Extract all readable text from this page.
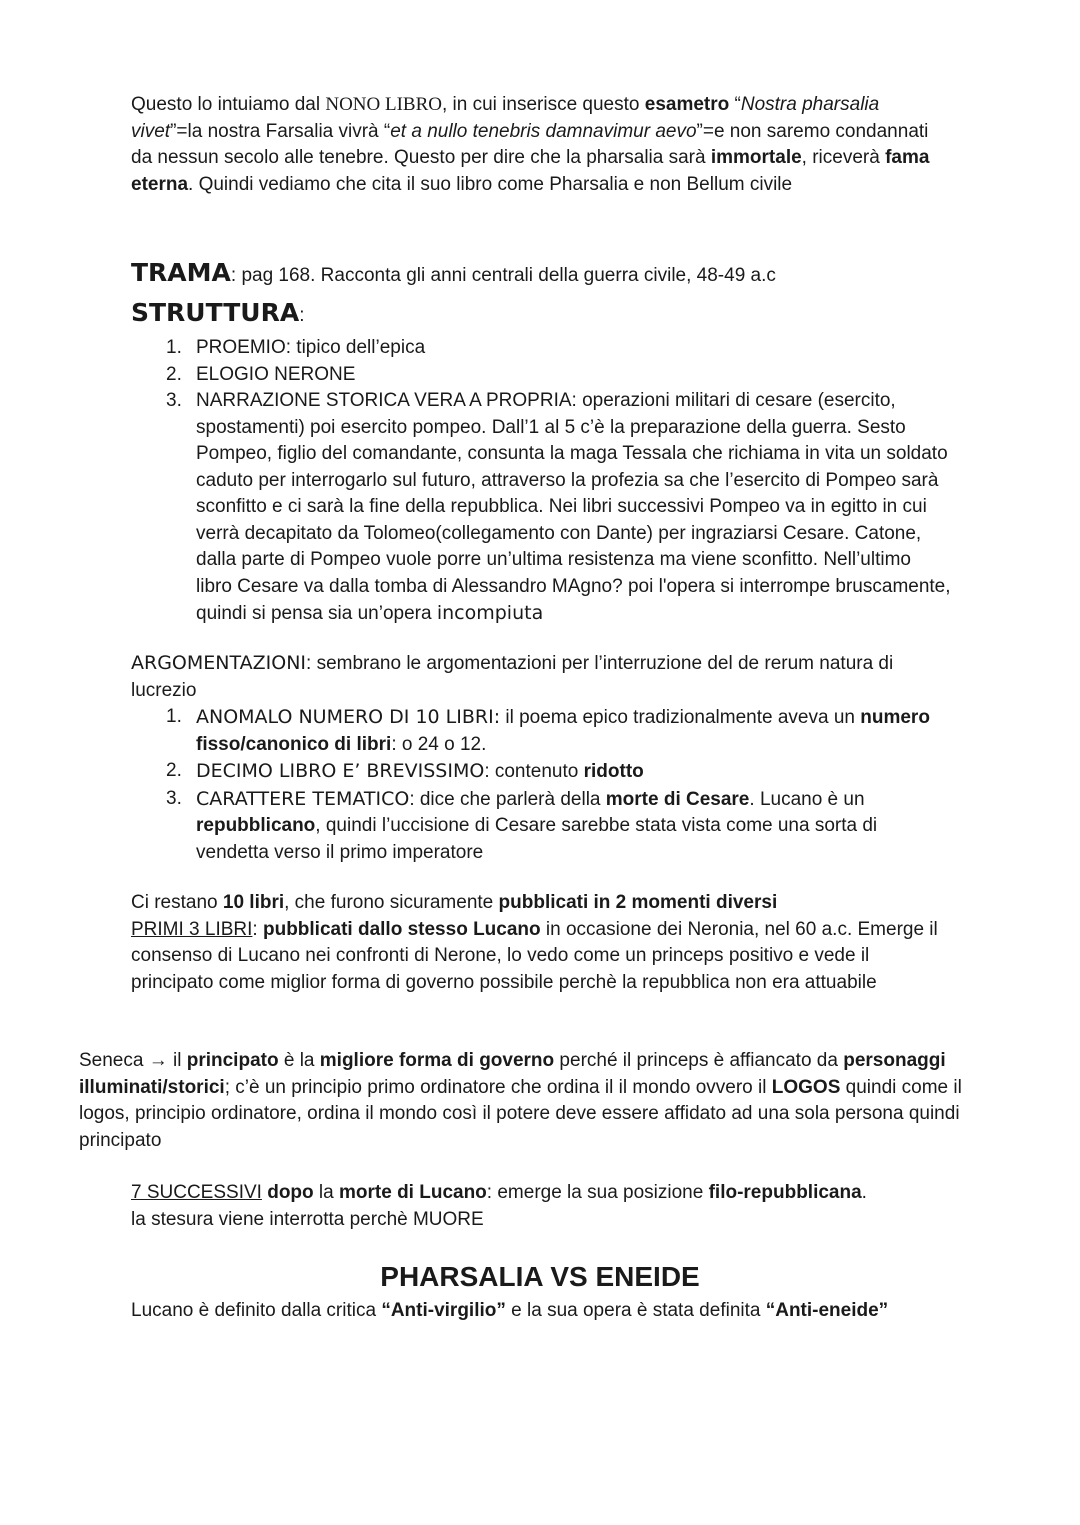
Questo lo intuiamo dal NONO LIBRO, in cui inserisce questo esametro “Nostra pharsalia vivet”=la nostra Farsalia vivrà “et a nullo tenebris damnavimur aevo”=e non saremo condannati da nessun secolo alle tenebre. Questo per dire che la pharsalia sarà immortale, riceverà fama eterna. Quindi vediamo che cita il suo libro come Pharsalia e non Bellum civile
TRAMA: pag 168. Racconta gli anni centrali della guerra civile, 48-49 a.c
STRUTTURA:
1. PROEMIO: tipico dell’epica
2. ELOGIO NERONE
3. NARRAZIONE STORICA VERA A PROPRIA: operazioni militari di cesare (esercito, spostamenti) poi esercito pompeo. Dall’1 al 5 c’è la preparazione della guerra. Sesto Pompeo, figlio del comandante, consunta la maga Tessala che richiama in vita un soldato caduto per interrogarlo sul futuro, attraverso la profezia sa che l’esercito di Pompeo sarà sconfitto e ci sarà la fine della repubblica. Nei libri successivi Pompeo va in egitto in cui verrà decapitato da Tolomeo(collegamento con Dante) per ingraziarsi Cesare. Catone, dalla parte di Pompeo vuole porre un’ultima resistenza ma viene sconfitto. Nell’ultimo libro Cesare va dalla tomba di Alessandro MAgno? poi l'opera si interrompe bruscamente, quindi si pensa sia un’opera incompiuta
ARGOMENTAZIONI: sembrano le argomentazioni per l’interruzione del de rerum natura di lucrezio
1. ANOMALO NUMERO DI 10 LIBRI: il poema epico tradizionalmente aveva un numero fisso/canonico di libri: o 24 o 12.
2. DECIMO LIBRO E’ BREVISSIMO: contenuto ridotto
3. CARATTERE TEMATICO: dice che parlerà della morte di Cesare. Lucano è un repubblicano, quindi l’uccisione di Cesare sarebbe stata vista come una sorta di vendetta verso il primo imperatore
Ci restano 10 libri, che furono sicuramente pubblicati in 2 momenti diversi
PRIMI 3 LIBRI: pubblicati dallo stesso Lucano in occasione dei Neronia, nel 60 a.c. Emerge il consenso di Lucano nei confronti di Nerone, lo vedo come un princeps positivo e vede il principato come miglior forma di governo possibile perchè la repubblica non era attuabile
Seneca → il principato è la migliore forma di governo perché il princeps è affiancato da personaggi illuminati/storici; c’è un principio primo ordinatore che ordina il il mondo ovvero il LOGOS quindi come il logos, principio ordinatore, ordina il mondo così il potere deve essere affidato ad una sola persona quindi principato
7 SUCCESSIVI dopo la morte di Lucano: emerge la sua posizione filo-repubblicana.
la stesura viene interrotta perchè MUORE
PHARSALIA VS ENEIDE
Lucano è definito dalla critica “Anti-virgilio” e la sua opera è stata definita “Anti-eneide”
